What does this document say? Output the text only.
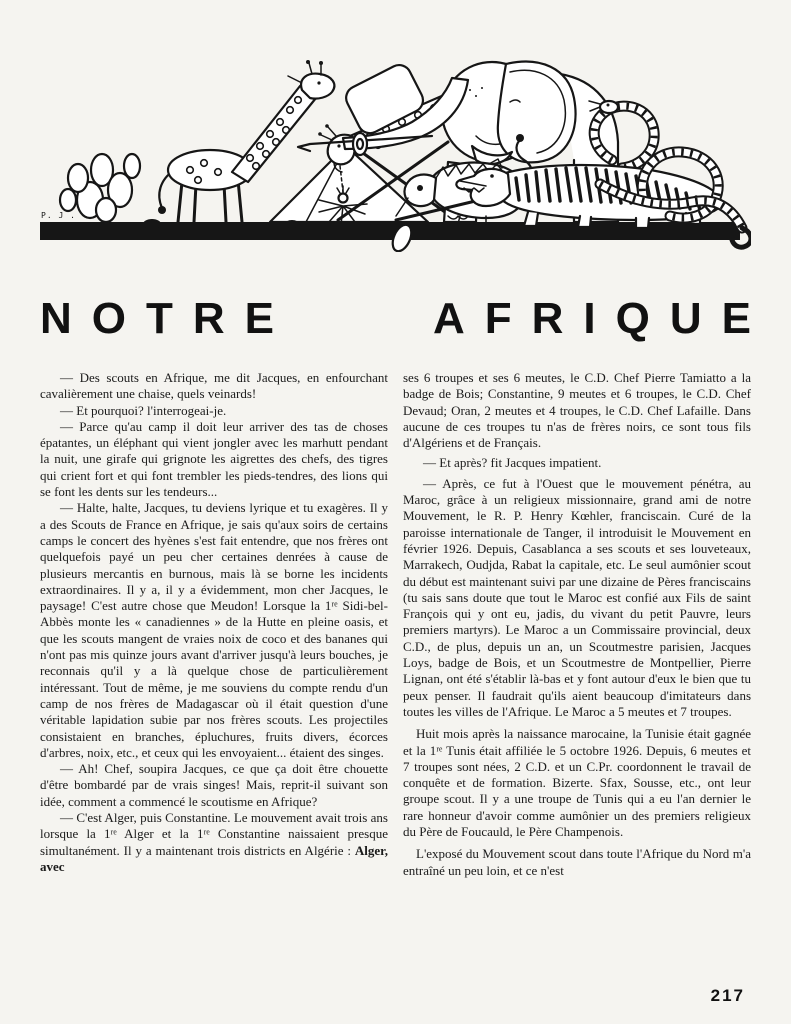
P. J .
NOTRE	AFRIQUE

— Des scouts en Afrique, me dit Jacques, en enfourchant cavalièrement une chaise, quels veinards!

— Et pourquoi? l'interrogeai-je.

— Parce qu'au camp il doit leur arriver des tas de choses épatantes, un éléphant qui vient jongler avec les marhutt pendant la nuit, une girafe qui grignote les aigrettes des chefs, des tigres qui crient fort et qui font trembler les pieds-tendres, des lions qui se font les dents sur les tendeurs...

— Halte, halte, Jacques, tu deviens lyrique et tu exagères. Il y a des Scouts de France en Afrique, je sais qu'aux soirs de certains camps le concert des hyènes s'est fait entendre, que nos frères ont quelquefois payé un peu cher certaines denrées à cause de plusieurs mercantis en burnous, mais là se borne les incidents extraordinaires. Il y a, il y a évidemment, mon cher Jacques, le paysage! C'est autre chose que Meudon! Lorsque la 1ʳᵉ Sidi-bel-Abbès monte les « canadiennes » de la Hutte en pleine oasis, et que les scouts mangent de vraies noix de coco et des bananes qui n'ont pas mis quinze jours avant d'arriver jusqu'à leurs bouches, je reconnais qu'il y a là quelque chose de particulièrement intéressant. Tout de même, je me souviens du compte rendu d'un camp de nos frères de Madagascar où il était question d'une véritable lapidation subie par nos frères scouts. Les projectiles consistaient en branches, épluchures, fruits divers, écorces d'arbres, noix, etc., et ceux qui les envoyaient... étaient des singes.

— Ah! Chef, soupira Jacques, ce que ça doit être chouette d'être bombardé par de vrais singes! Mais, reprit-il suivant son idée, comment a commencé le scoutisme en Afrique?

— C'est Alger, puis Constantine. Le mouvement avait trois ans lorsque la 1ʳᵉ Alger et la 1ʳᵉ Constantine naissaient presque simultanément. Il y a maintenant trois districts en Algérie : Alger, avec

ses 6 troupes et ses 6 meutes, le C.D. Chef Pierre Tamiatto a la badge de Bois; Constantine, 9 meutes et 6 troupes, le C.D. Chef Devaud; Oran, 2 meutes et 4 troupes, le C.D. Chef Lafaille. Dans aucune de ces troupes tu n'as de frères noirs, ce sont tous fils d'Algériens et de Français.

— Et après? fit Jacques impatient.

— Après, ce fut à l'Ouest que le mouvement pénétra, au Maroc, grâce à un religieux missionnaire, grand ami de notre Mouvement, le R. P. Henry Kœhler, franciscain. Curé de la paroisse internationale de Tanger, il introduisit le Mouvement en février 1926. Depuis, Casablanca a ses scouts et ses louveteaux, Marrakech, Oudjda, Rabat la capitale, etc. Le seul aumônier scout du début est maintenant suivi par une dizaine de Pères franciscains (tu sais sans doute que tout le Maroc est confié aux Fils de saint François qui y ont eu, jadis, du vivant du petit Pauvre, leurs premiers martyrs). Le Maroc a un Commissaire provincial, deux C.D., de plus, depuis un an, un Scoutmestre parisien, Jacques Loys, badge de Bois, et un Scoutmestre de Montpellier, Pierre Lignan, ont été s'établir là-bas et y font autour d'eux le bien que tu peux penser. Il faudrait qu'ils aient beaucoup d'imitateurs dans toutes les villes de l'Afrique. Le Maroc a 5 meutes et 7 troupes.

Huit mois après la naissance marocaine, la Tunisie était gagnée et la 1ʳᵉ Tunis était affiliée le 5 octobre 1926. Depuis, 6 meutes et 7 troupes sont nées, 2 C.D. et un C.Pr. coordonnent le travail de conquête et de formation. Bizerte. Sfax, Sousse, etc., ont leur groupe scout. Il y a une troupe de Tunis qui a eu l'an dernier le rare honneur d'avoir comme aumônier un des premiers religieux du Père de Foucauld, le Père Champenois.

L'exposé du Mouvement scout dans toute l'Afrique du Nord m'a entraîné un peu loin, et ce n'est

217
